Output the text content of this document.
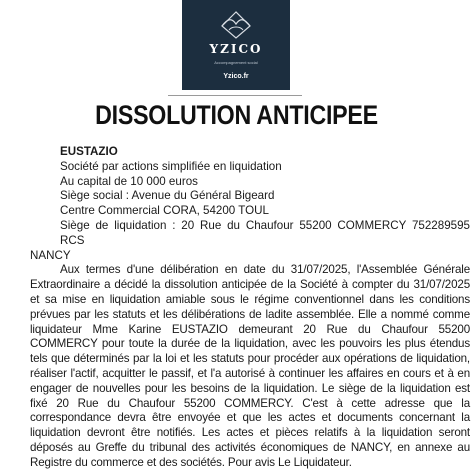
YZICO
Accompagnement social
Yzico.fr
DISSOLUTION ANTICIPEE

EUSTAZIO

Société par actions simplifiée en liquidation

Au capital de 10 000 euros

Siège social : Avenue du Général Bigeard

Centre Commercial CORA, 54200 TOUL

Siège de liquidation : 20 Rue du Chaufour 55200 COMMERCY 752289595 RCS

NANCY

Aux termes d'une délibération en date du 31/07/2025, l'Assemblée Générale Extraordinaire a décidé la dissolution anticipée de la Société à compter du 31/07/2025 et sa mise en liquidation amiable sous le régime conventionnel dans les conditions prévues par les statuts et les délibérations de ladite assemblée. Elle a nommé comme liquidateur Mme Karine EUSTAZIO demeurant 20 Rue du Chaufour 55200 COMMERCY pour toute la durée de la liquidation, avec les pouvoirs les plus étendus tels que déterminés par la loi et les statuts pour procéder aux opérations de liquidation, réaliser l'actif, acquitter le passif, et l'a autorisé à continuer les affaires en cours et à en engager de nouvelles pour les besoins de la liquidation. Le siège de la liquidation est fixé 20 Rue du Chaufour 55200 COMMERCY. C'est à cette adresse que la correspondance devra être envoyée et que les actes et documents concernant la liquidation devront être notifiés. Les actes et pièces relatifs à la liquidation seront déposés au Greffe du tribunal des activités économiques de NANCY, en annexe au Registre du commerce et des sociétés. Pour avis Le Liquidateur.
